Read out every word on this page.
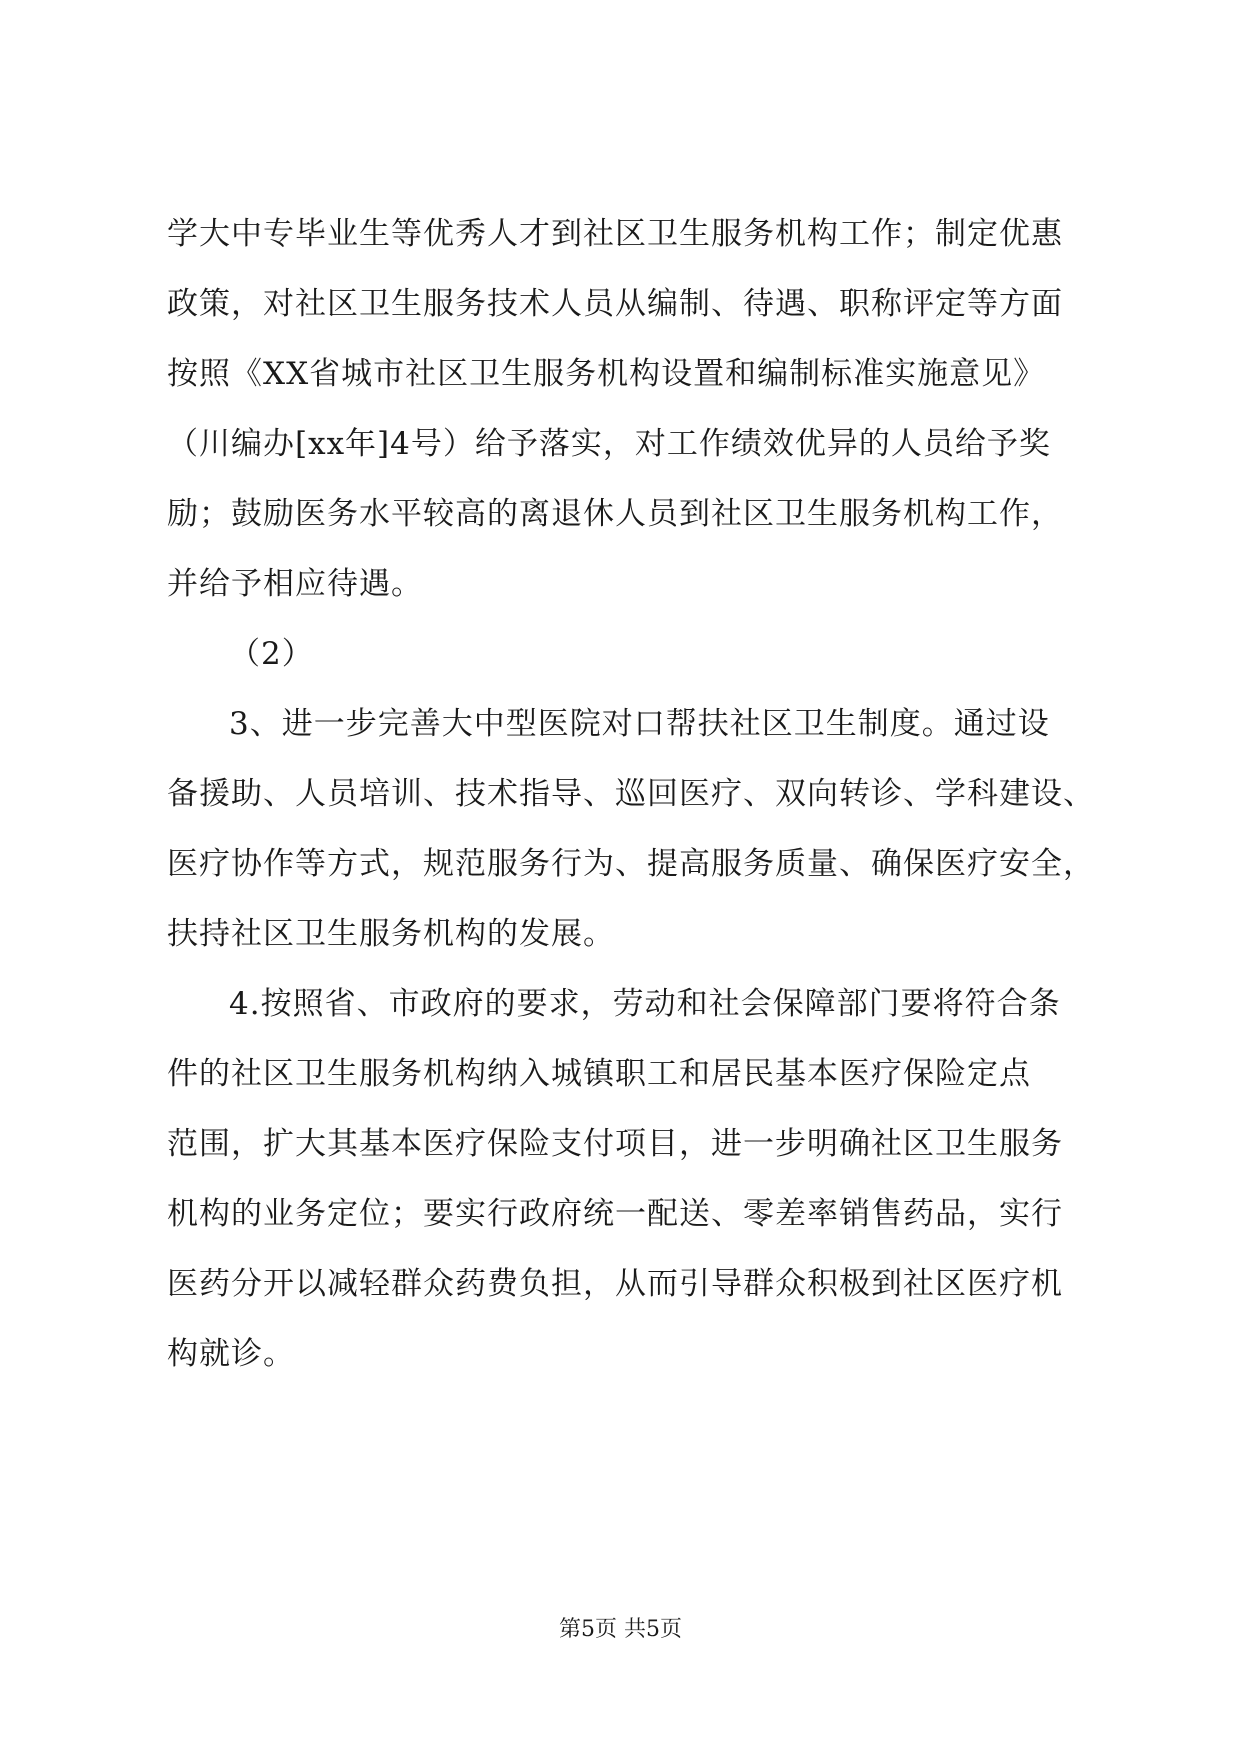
学大中专毕业生等优秀人才到社区卫生服务机构工作；制定优惠
政策，对社区卫生服务技术人员从编制、待遇、职称评定等方面
按照《XX省城市社区卫生服务机构设置和编制标准实施意见》
（川编办[xx年]4号）给予落实，对工作绩效优异的人员给予奖
励；鼓励医务水平较高的离退休人员到社区卫生服务机构工作，
并给予相应待遇。
（2）
3、进一步完善大中型医院对口帮扶社区卫生制度。通过设
备援助、人员培训、技术指导、巡回医疗、双向转诊、学科建设、
医疗协作等方式，规范服务行为、提高服务质量、确保医疗安全，
扶持社区卫生服务机构的发展。
4.按照省、市政府的要求，劳动和社会保障部门要将符合条
件的社区卫生服务机构纳入城镇职工和居民基本医疗保险定点
范围，扩大其基本医疗保险支付项目，进一步明确社区卫生服务
机构的业务定位；要实行政府统一配送、零差率销售药品，实行
医药分开以减轻群众药费负担，从而引导群众积极到社区医疗机
构就诊。
第5页 共5页
